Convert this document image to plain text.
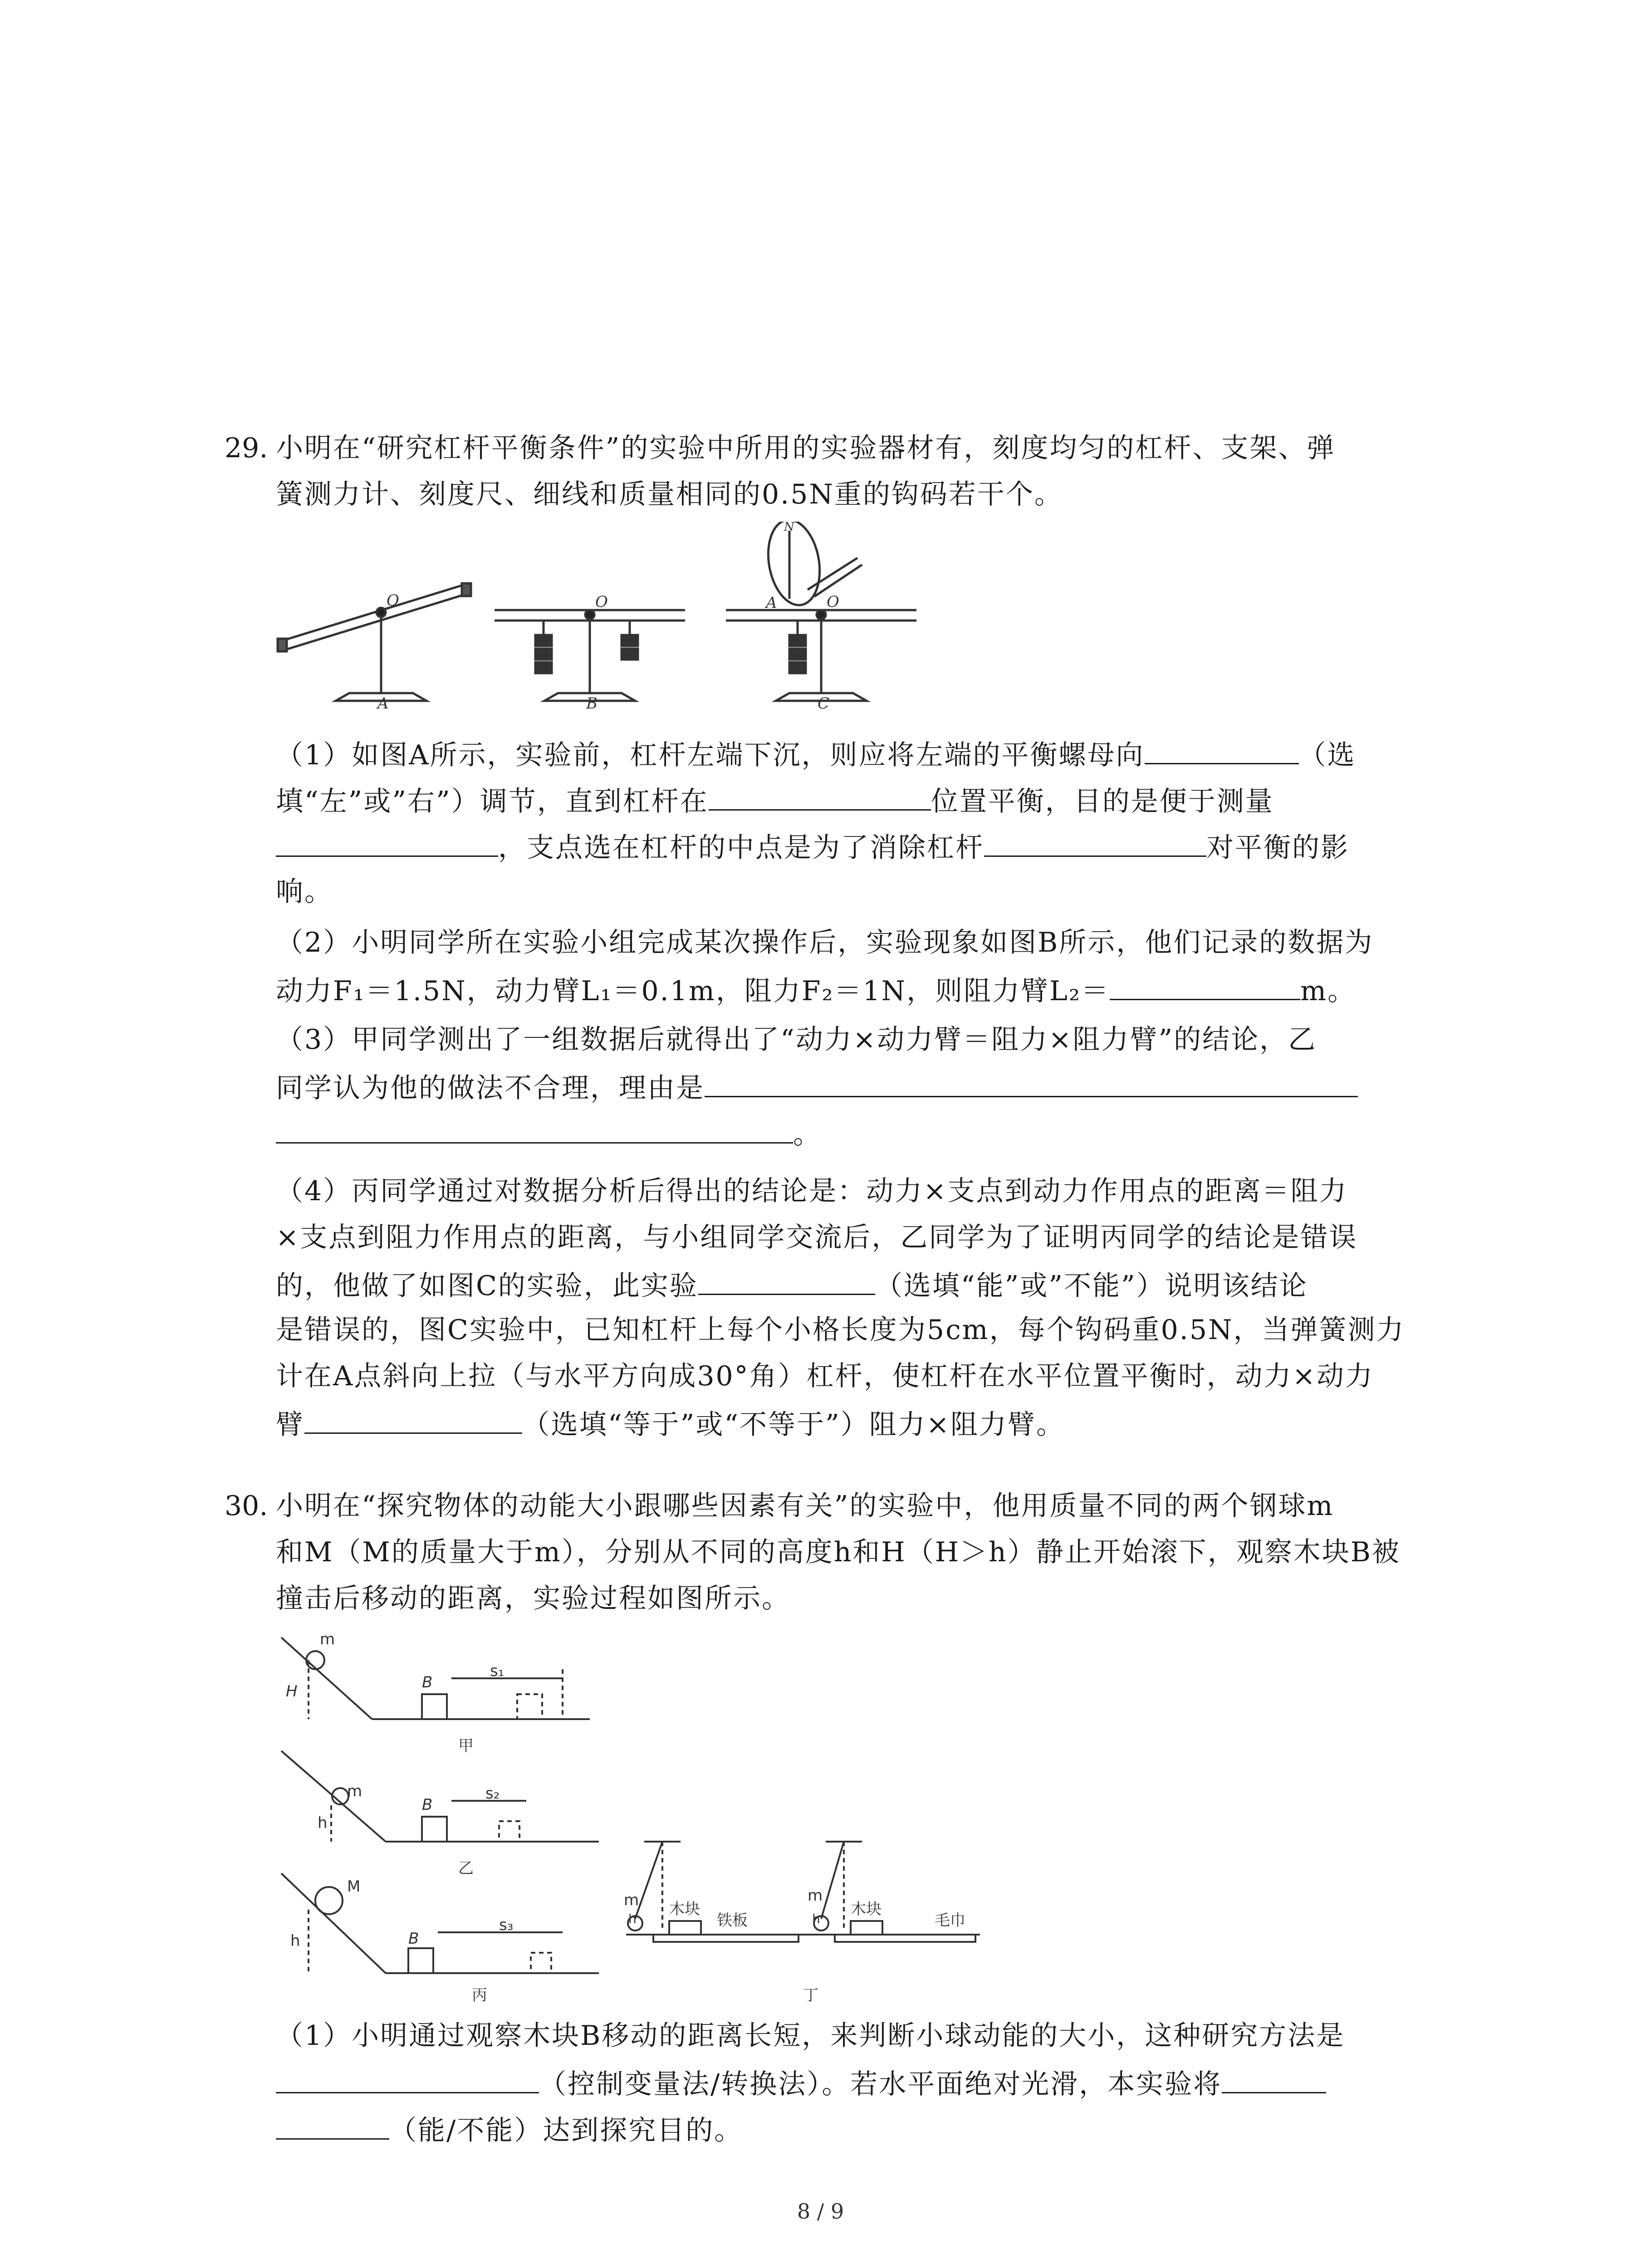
29. 小明在“研究杠杆平衡条件”的实验中所用的实验器材有，刻度均匀的杠杆、支架、弹
簧测力计、刻度尺、细线和质量相同的0.5N重的钩码若干个。
A	B	C
O	O	O
N
A
（1）如图A所示，实验前，杠杆左端下沉，则应将左端的平衡螺母向	（选
填“左”或”右”）调节，直到杠杆在	位置平衡，目的是便于测量
，支点选在杠杆的中点是为了消除杠杆	对平衡的影
响。
（2）小明同学所在实验小组完成某次操作后，实验现象如图B所示，他们记录的数据为
动力F₁＝1.5N，动力臂L₁＝0.1m，阻力F₂＝1N，则阻力臂L₂＝	m。
（3）甲同学测出了一组数据后就得出了“动力×动力臂＝阻力×阻力臂”的结论，乙
同学认为他的做法不合理，理由是
。
（4）丙同学通过对数据分析后得出的结论是：动力×支点到动力作用点的距离＝阻力
×支点到阻力作用点的距离，与小组同学交流后，乙同学为了证明丙同学的结论是错误
的，他做了如图C的实验，此实验	（选填“能”或”不能”）说明该结论
是错误的，图C实验中，已知杠杆上每个小格长度为5cm，每个钩码重0.5N，当弹簧测力
计在A点斜向上拉（与水平方向成30°角）杠杆，使杠杆在水平位置平衡时，动力×动力
臂	（选填“等于”或“不等于”）阻力×阻力臂。
30. 小明在“探究物体的动能大小跟哪些因素有关”的实验中，他用质量不同的两个钢球m
和M（M的质量大于m），分别从不同的高度h和H（H＞h）静止开始滚下，观察木块B被
撞击后移动的距离，实验过程如图所示。
m
H	B
s₁
甲
m
h
B
s₂
乙
M
h	B
s₃
丙
m
h
木块
铁板
m
h
木块
毛巾
丁
（1）小明通过观察木块B移动的距离长短，来判断小球动能的大小，这种研究方法是
（控制变量法/转换法）。若水平面绝对光滑，本实验将
（能/不能）达到探究目的。
8 / 9
